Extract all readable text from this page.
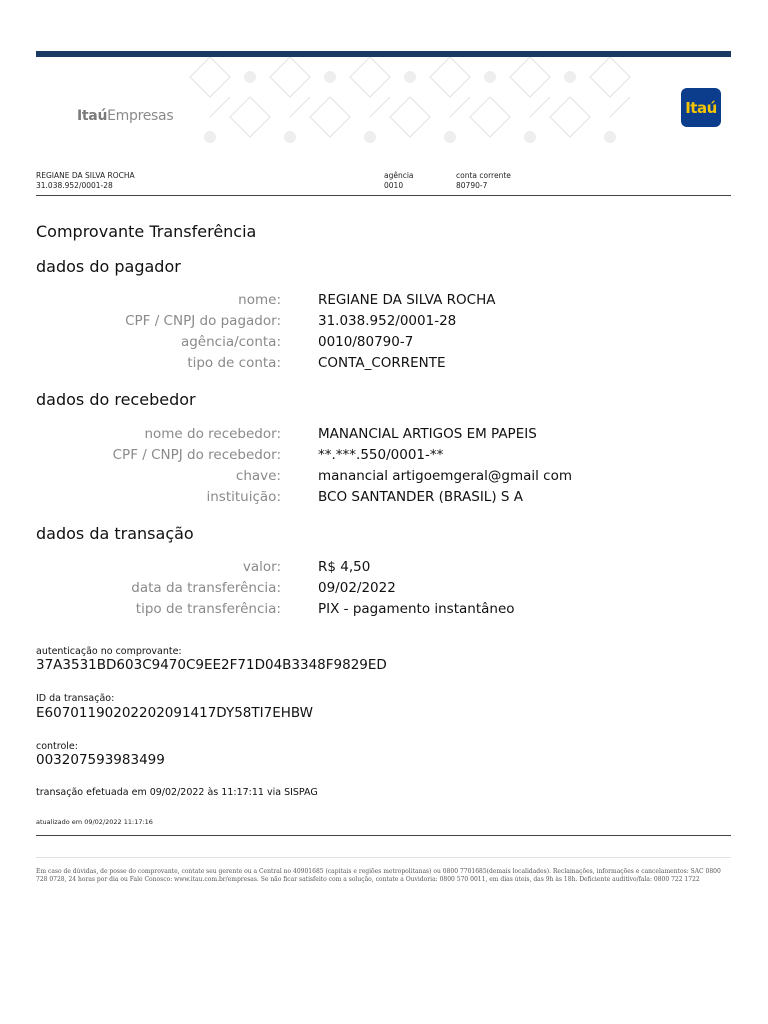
ItaúEmpresas	Itaú
REGIANE DA SILVA ROCHA
31.038.952/0001-28
agência
0010
conta corrente
80790-7
Comprovante Transferência
dados do pagador
nome:	REGIANE DA SILVA ROCHA
CPF / CNPJ do pagador:	31.038.952/0001-28
agência/conta:	0010/80790-7
tipo de conta:	CONTA_CORRENTE
dados do recebedor
nome do recebedor:	MANANCIAL ARTIGOS EM PAPEIS
CPF / CNPJ do recebedor:	**.***.550/0001-**
chave:	manancial artigoemgeral@gmail com
instituição:	BCO SANTANDER (BRASIL) S A
dados da transação
valor:	R$ 4,50
data da transferência:	09/02/2022
tipo de transferência:	PIX - pagamento instantâneo
autenticação no comprovante:
37A3531BD603C9470C9EE2F71D04B3348F9829ED
ID da transação:
E60701190202202091417DY58TI7EHBW
controle:
003207593983499
transação efetuada em 09/02/2022 às 11:17:11 via SISPAG
atualizado em 09/02/2022 11:17:16
Em caso de dúvidas, de posse do comprovante, contate seu gerente ou a Central no 40901685 (capitais e regiões metropolitanas) ou 0800 7701685(demais localidades). Reclamações, informações e cancelamentos: SAC 0800 728 0728, 24 horas por dia ou Fale Conosco: www.itau.com.br/empresas. Se não ficar satisfeito com a solução, contate a Ouvidoria: 0800 570 0011, em dias úteis, das 9h às 18h. Deficiente auditivo/fala: 0800 722 1722
